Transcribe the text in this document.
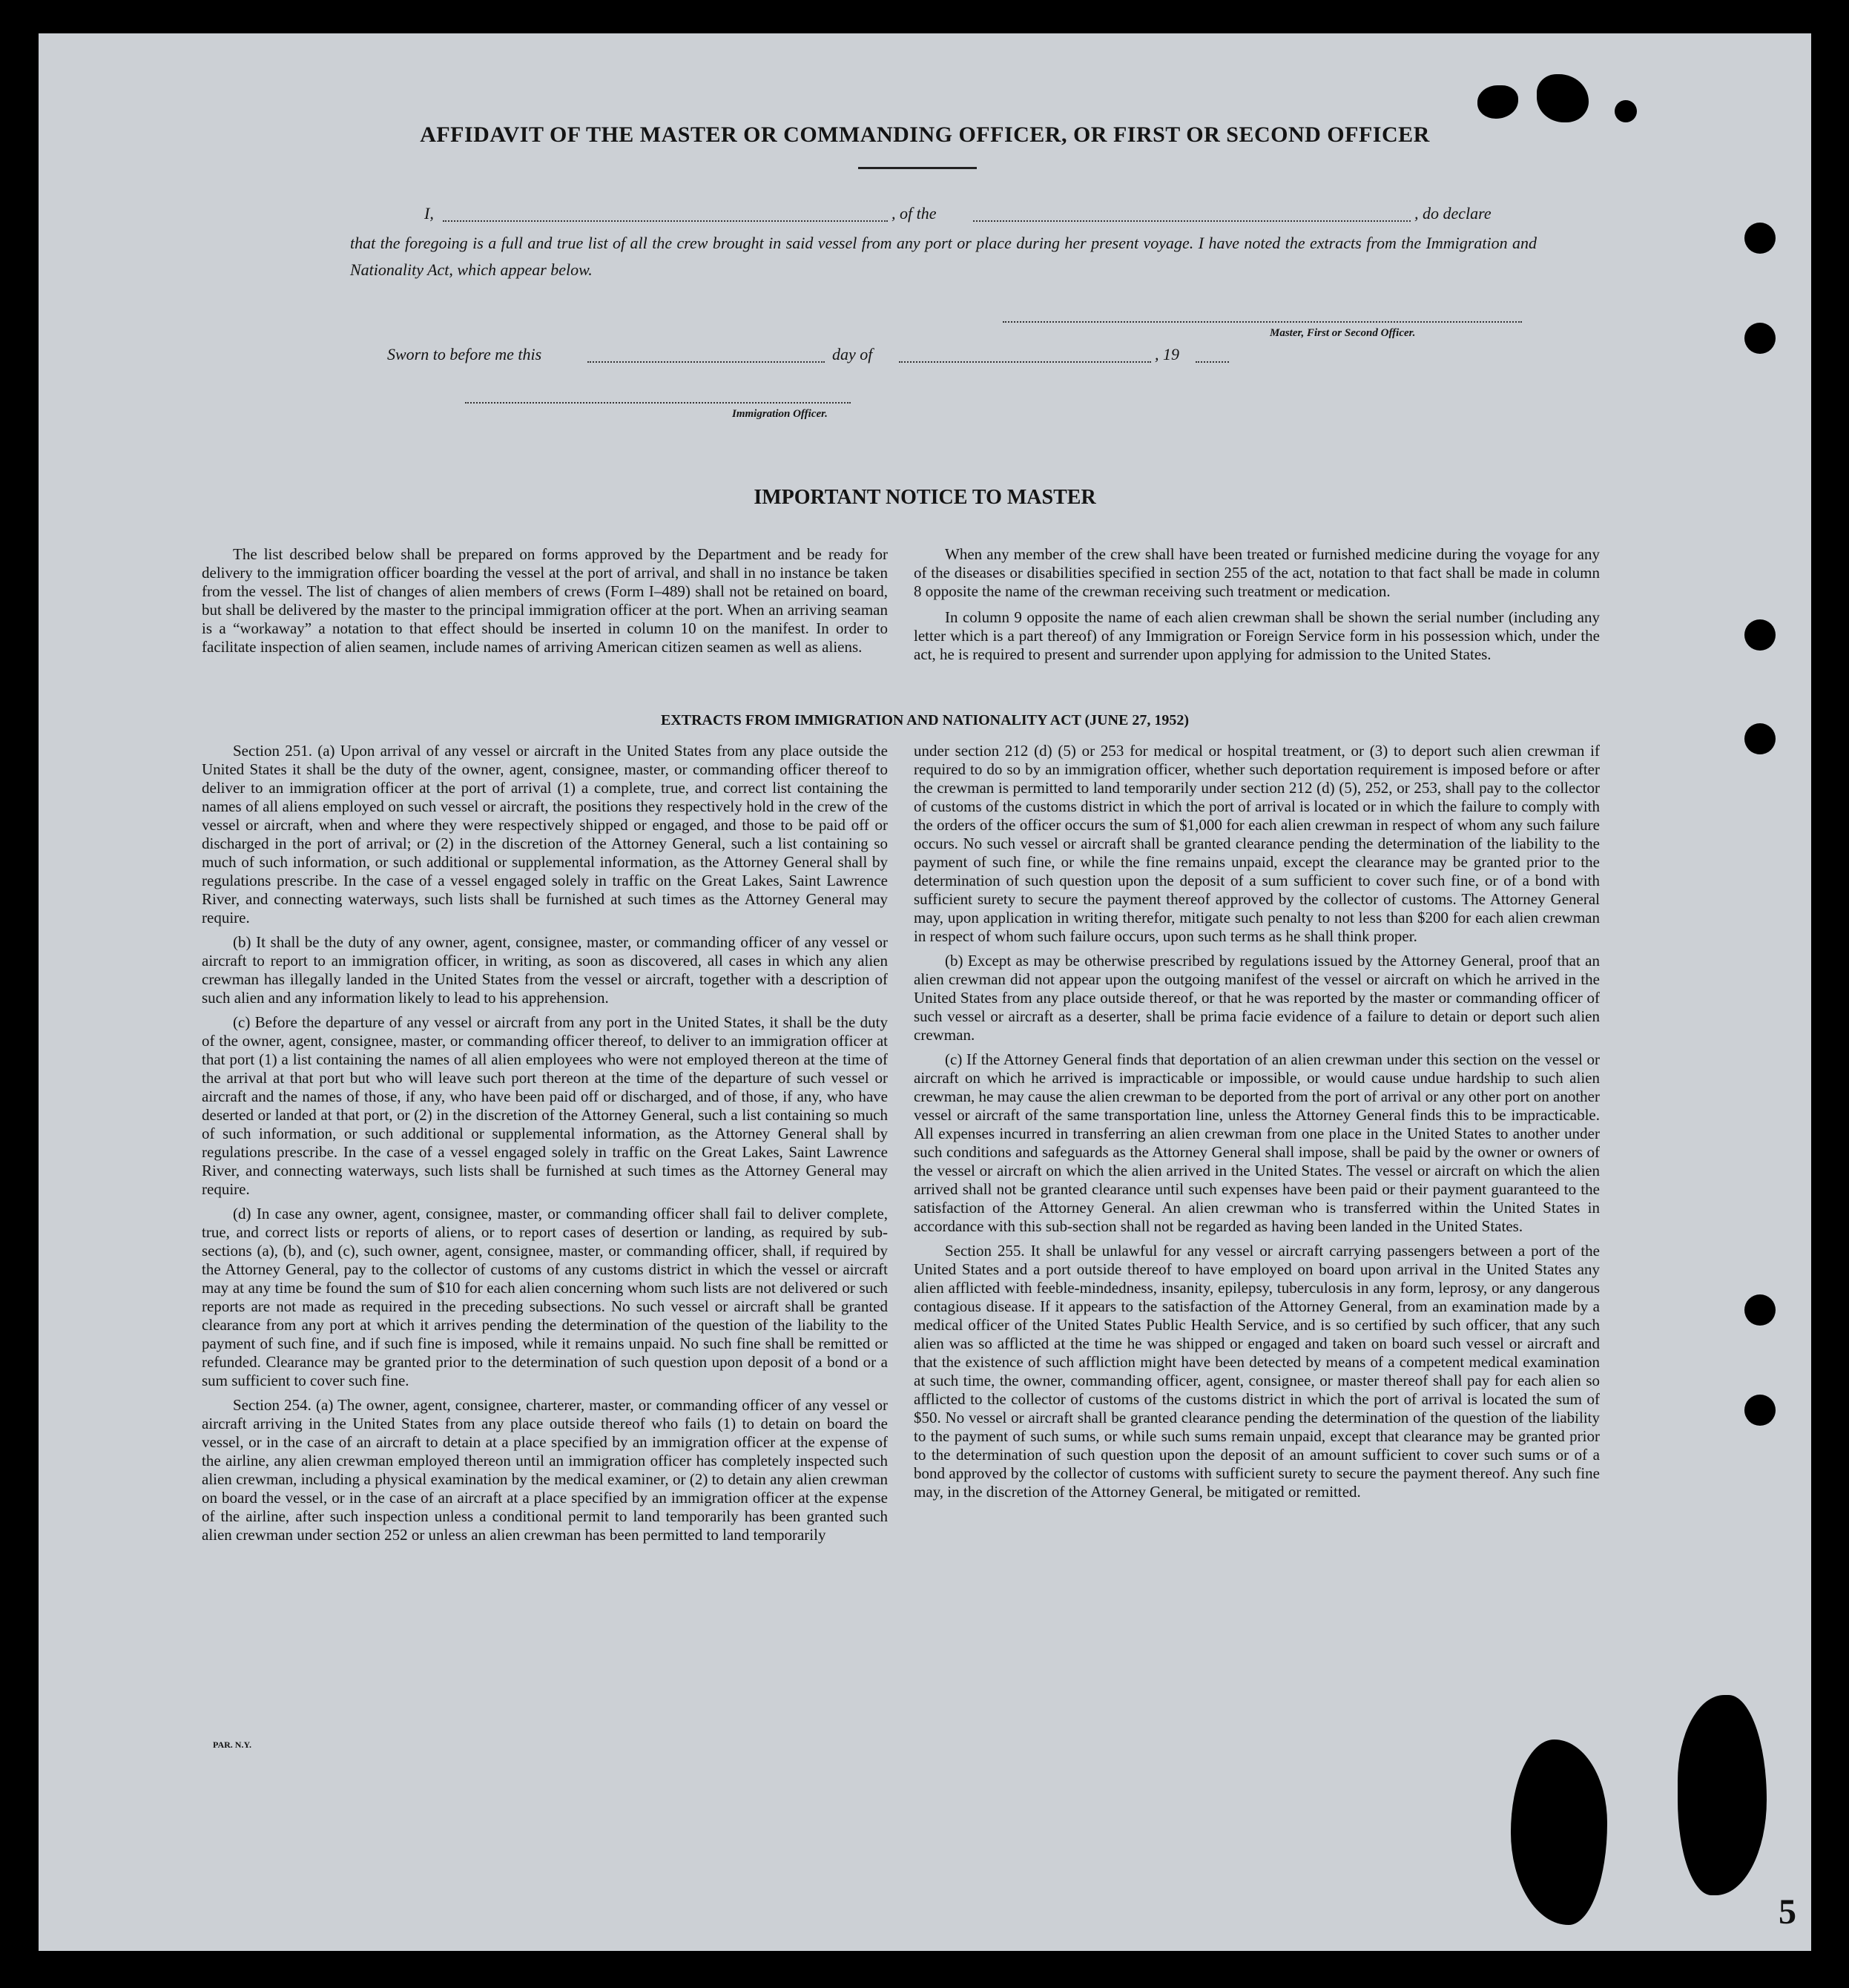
AFFIDAVIT OF THE MASTER OR COMMANDING OFFICER, OR FIRST OR SECOND OFFICER
I,	, of the	, do declare
that the foregoing is a full and true list of all the crew brought in said vessel from any port or place during her present voyage. I have noted the extracts from the Immigration and Nationality Act, which appear below.
Master, First or Second Officer.
Sworn to before me this	day of	, 19
Immigration Officer.
IMPORTANT NOTICE TO MASTER

The list described below shall be prepared on forms approved by the Department and be ready for delivery to the immigration officer boarding the vessel at the port of arrival, and shall in no instance be taken from the vessel. The list of changes of alien members of crews (Form I–489) shall not be retained on board, but shall be delivered by the master to the principal immigration officer at the port. When an arriving seaman is a “workaway” a notation to that effect should be inserted in column 10 on the manifest. In order to facilitate inspection of alien seamen, include names of arriving American citizen seamen as well as aliens.

When any member of the crew shall have been treated or furnished medicine during the voyage for any of the diseases or disabilities specified in section 255 of the act, notation to that fact shall be made in column 8 opposite the name of the crewman receiving such treatment or medication.

In column 9 opposite the name of each alien crewman shall be shown the serial number (including any letter which is a part thereof) of any Immigration or Foreign Service form in his possession which, under the act, he is required to present and surrender upon applying for admission to the United States.

EXTRACTS FROM IMMIGRATION AND NATIONALITY ACT (JUNE 27, 1952)

Section 251. (a) Upon arrival of any vessel or aircraft in the United States from any place outside the United States it shall be the duty of the owner, agent, consignee, master, or commanding officer thereof to deliver to an immigration officer at the port of arrival (1) a complete, true, and correct list containing the names of all aliens employed on such vessel or aircraft, the positions they respectively hold in the crew of the vessel or aircraft, when and where they were respectively shipped or engaged, and those to be paid off or discharged in the port of arrival; or (2) in the discretion of the Attorney General, such a list containing so much of such information, or such additional or supplemental information, as the Attorney General shall by regulations prescribe. In the case of a vessel engaged solely in traffic on the Great Lakes, Saint Lawrence River, and connecting waterways, such lists shall be furnished at such times as the Attorney General may require.

(b) It shall be the duty of any owner, agent, consignee, master, or commanding officer of any vessel or aircraft to report to an immigration officer, in writing, as soon as discovered, all cases in which any alien crewman has illegally landed in the United States from the vessel or aircraft, together with a description of such alien and any information likely to lead to his apprehension.

(c) Before the departure of any vessel or aircraft from any port in the United States, it shall be the duty of the owner, agent, consignee, master, or commanding officer thereof, to deliver to an immigration officer at that port (1) a list containing the names of all alien employees who were not employed thereon at the time of the arrival at that port but who will leave such port thereon at the time of the departure of such vessel or aircraft and the names of those, if any, who have been paid off or discharged, and of those, if any, who have deserted or landed at that port, or (2) in the discretion of the Attorney General, such a list containing so much of such information, or such additional or supplemental information, as the Attorney General shall by regulations prescribe. In the case of a vessel engaged solely in traffic on the Great Lakes, Saint Lawrence River, and connecting waterways, such lists shall be furnished at such times as the Attorney General may require.

(d) In case any owner, agent, consignee, master, or commanding officer shall fail to deliver complete, true, and correct lists or reports of aliens, or to report cases of desertion or landing, as required by sub-sections (a), (b), and (c), such owner, agent, consignee, master, or commanding officer, shall, if required by the Attorney General, pay to the collector of customs of any customs district in which the vessel or aircraft may at any time be found the sum of $10 for each alien concerning whom such lists are not delivered or such reports are not made as required in the preceding subsections. No such vessel or aircraft shall be granted clearance from any port at which it arrives pending the determination of the question of the liability to the payment of such fine, and if such fine is imposed, while it remains unpaid. No such fine shall be remitted or refunded. Clearance may be granted prior to the determination of such question upon deposit of a bond or a sum sufficient to cover such fine.

Section 254. (a) The owner, agent, consignee, charterer, master, or commanding officer of any vessel or aircraft arriving in the United States from any place outside thereof who fails (1) to detain on board the vessel, or in the case of an aircraft to detain at a place specified by an immigration officer at the expense of the airline, any alien crewman employed thereon until an immigration officer has completely inspected such alien crewman, including a physical examination by the medical examiner, or (2) to detain any alien crewman on board the vessel, or in the case of an aircraft at a place specified by an immigration officer at the expense of the airline, after such inspection unless a conditional permit to land temporarily has been granted such alien crewman under section 252 or unless an alien crewman has been permitted to land temporarily

under section 212 (d) (5) or 253 for medical or hospital treatment, or (3) to deport such alien crewman if required to do so by an immigration officer, whether such deportation requirement is imposed before or after the crewman is permitted to land temporarily under section 212 (d) (5), 252, or 253, shall pay to the collector of customs of the customs district in which the port of arrival is located or in which the failure to comply with the orders of the officer occurs the sum of $1,000 for each alien crewman in respect of whom any such failure occurs. No such vessel or aircraft shall be granted clearance pending the determination of the liability to the payment of such fine, or while the fine remains unpaid, except the clearance may be granted prior to the determination of such question upon the deposit of a sum sufficient to cover such fine, or of a bond with sufficient surety to secure the payment thereof approved by the collector of customs. The Attorney General may, upon application in writing therefor, mitigate such penalty to not less than $200 for each alien crewman in respect of whom such failure occurs, upon such terms as he shall think proper.

(b) Except as may be otherwise prescribed by regulations issued by the Attorney General, proof that an alien crewman did not appear upon the outgoing manifest of the vessel or aircraft on which he arrived in the United States from any place outside thereof, or that he was reported by the master or commanding officer of such vessel or aircraft as a deserter, shall be prima facie evidence of a failure to detain or deport such alien crewman.

(c) If the Attorney General finds that deportation of an alien crewman under this section on the vessel or aircraft on which he arrived is impracticable or impossible, or would cause undue hardship to such alien crewman, he may cause the alien crewman to be deported from the port of arrival or any other port on another vessel or aircraft of the same transportation line, unless the Attorney General finds this to be impracticable. All expenses incurred in transferring an alien crewman from one place in the United States to another under such conditions and safeguards as the Attorney General shall impose, shall be paid by the owner or owners of the vessel or aircraft on which the alien arrived in the United States. The vessel or aircraft on which the alien arrived shall not be granted clearance until such expenses have been paid or their payment guaranteed to the satisfaction of the Attorney General. An alien crewman who is transferred within the United States in accordance with this sub-section shall not be regarded as having been landed in the United States.

Section 255. It shall be unlawful for any vessel or aircraft carrying passengers between a port of the United States and a port outside thereof to have employed on board upon arrival in the United States any alien afflicted with feeble-mindedness, insanity, epilepsy, tuberculosis in any form, leprosy, or any dangerous contagious disease. If it appears to the satisfaction of the Attorney General, from an examination made by a medical officer of the United States Public Health Service, and is so certified by such officer, that any such alien was so afflicted at the time he was shipped or engaged and taken on board such vessel or aircraft and that the existence of such affliction might have been detected by means of a competent medical examination at such time, the owner, commanding officer, agent, consignee, or master thereof shall pay for each alien so afflicted to the collector of customs of the customs district in which the port of arrival is located the sum of $50. No vessel or aircraft shall be granted clearance pending the determination of the question of the liability to the payment of such sums, or while such sums remain unpaid, except that clearance may be granted prior to the determination of such question upon the deposit of an amount sufficient to cover such sums or of a bond approved by the collector of customs with sufficient surety to secure the payment thereof. Any such fine may, in the discretion of the Attorney General, be mitigated or remitted.

PAR. N.Y.
5
